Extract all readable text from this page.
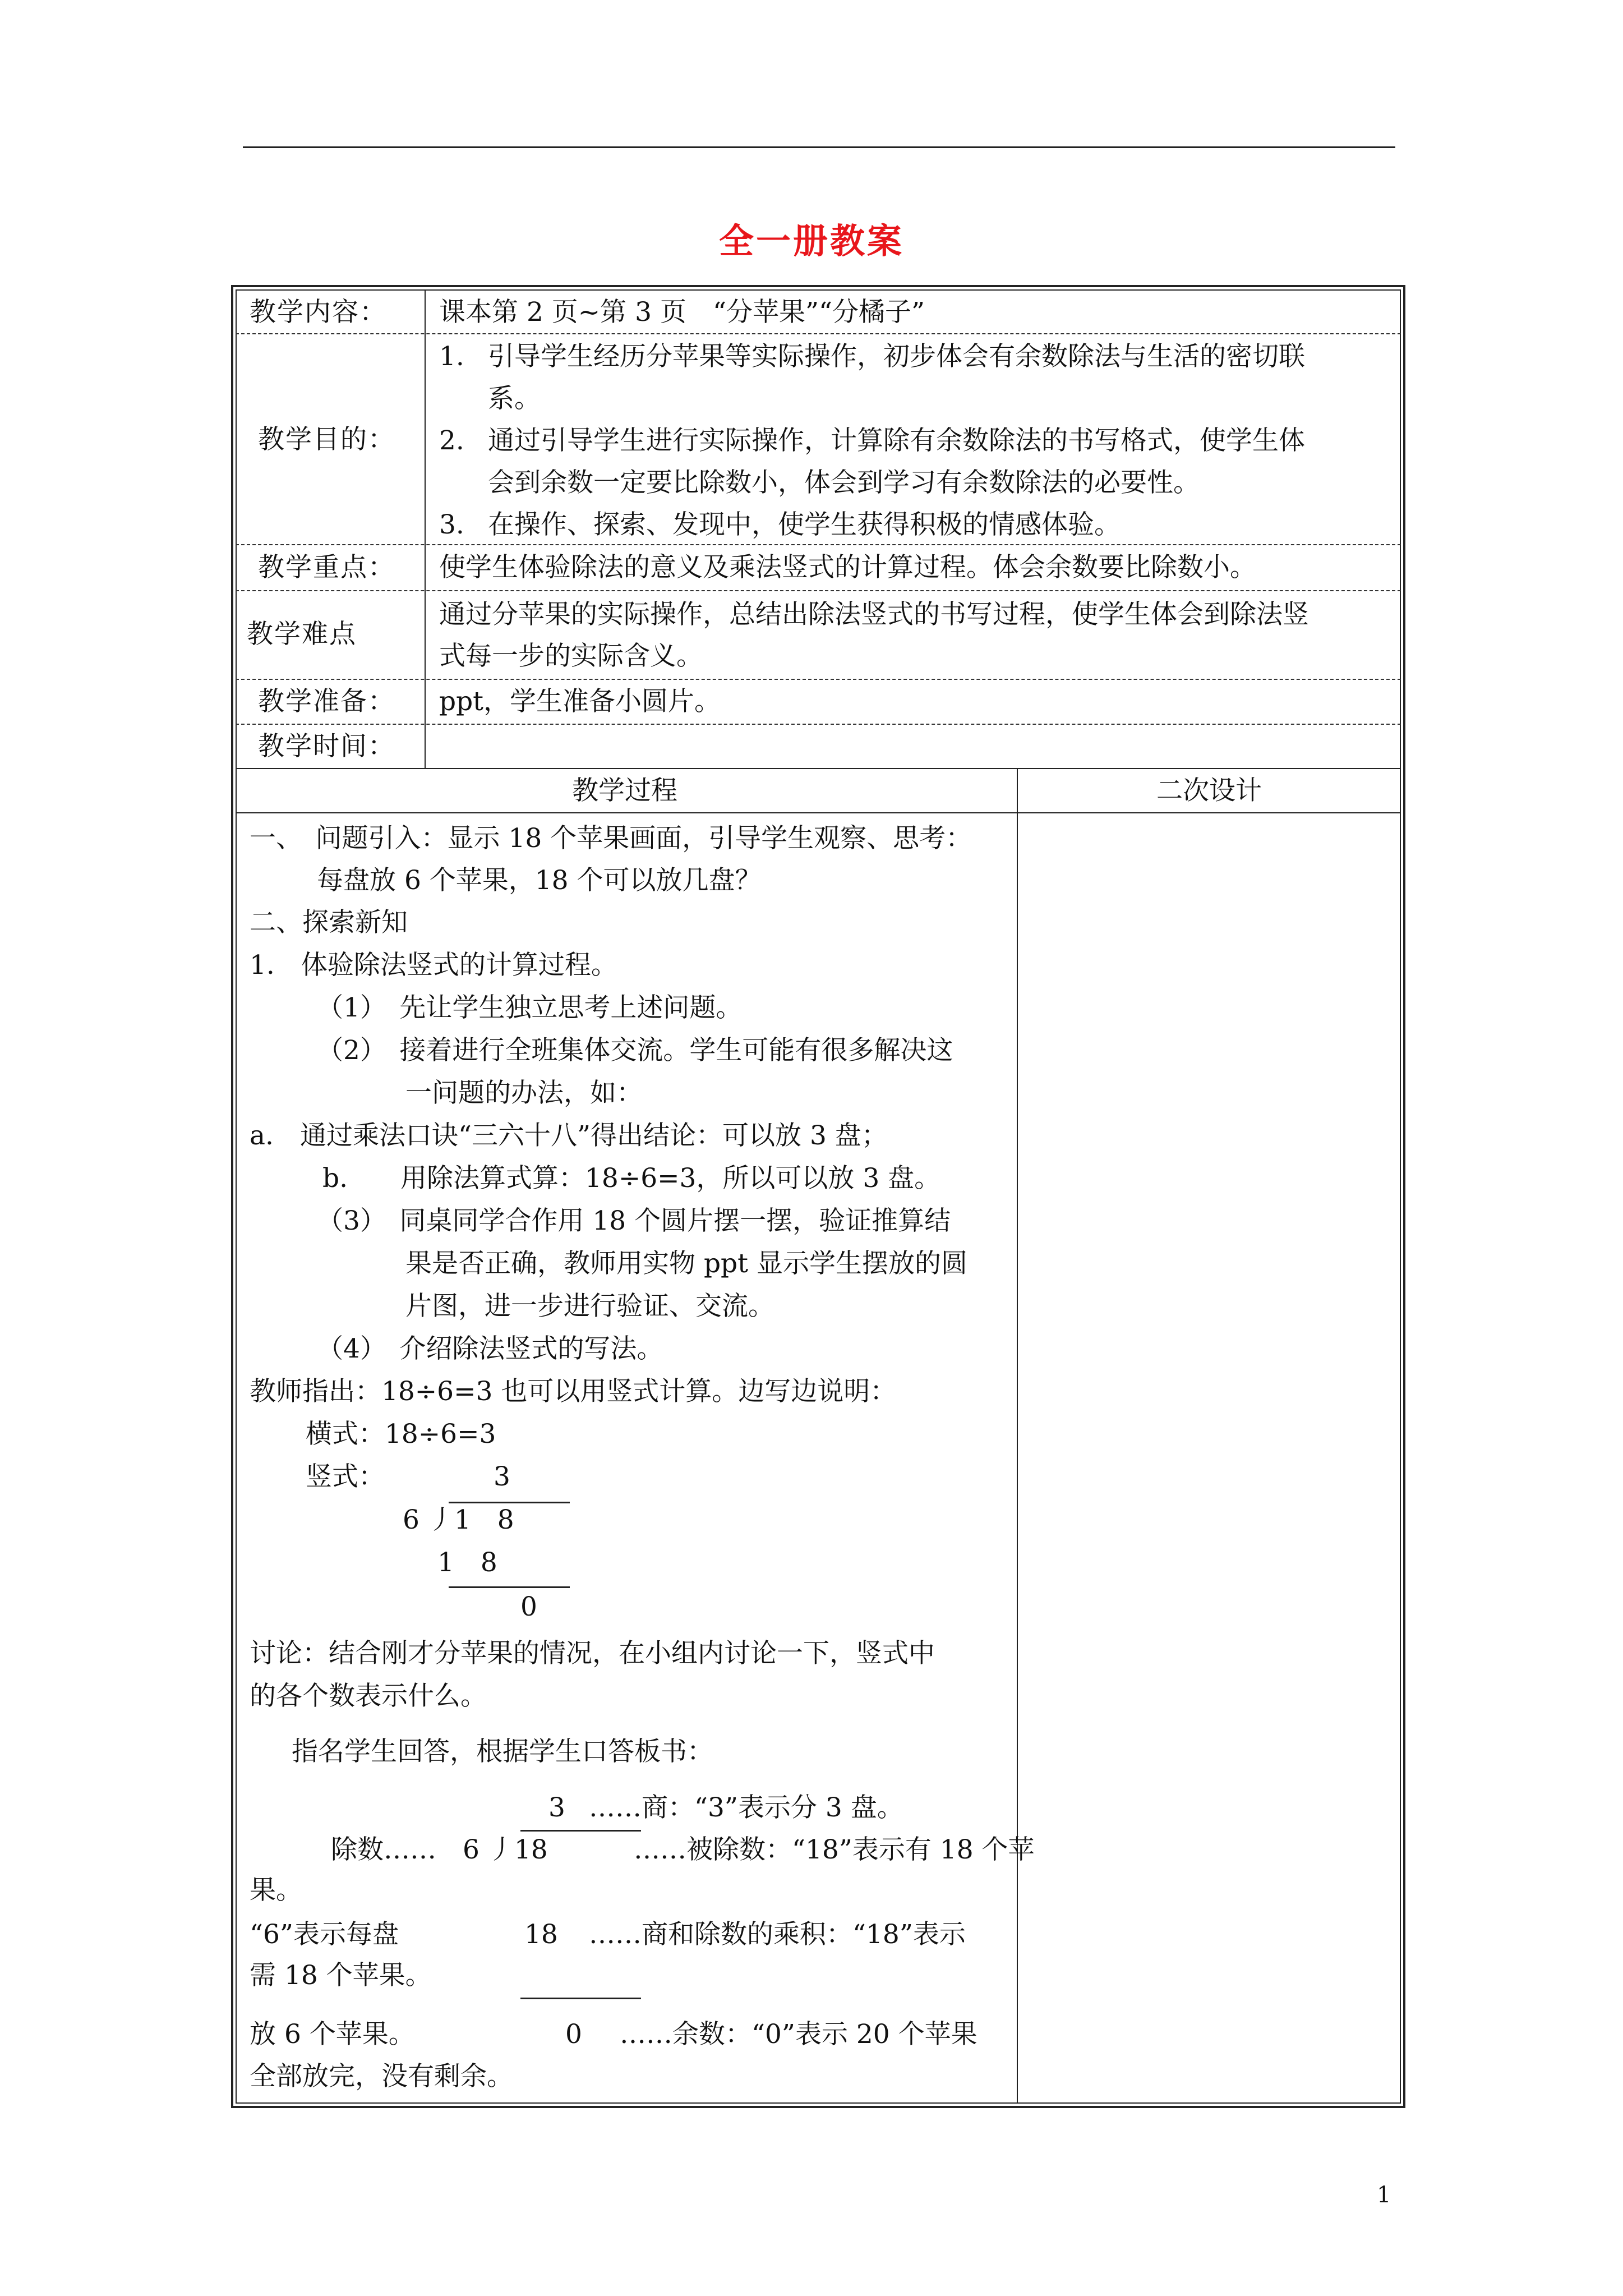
全一册教案
教学内容： 课本第 2 页~第 3 页　“分苹果”“分橘子”
教学目的：
1. 引导学生经历分苹果等实际操作，初步体会有余数除法与生活的密切联
系。
2. 通过引导学生进行实际操作，计算除有余数除法的书写格式，使学生体
会到余数一定要比除数小，体会到学习有余数除法的必要性。
3. 在操作、探索、发现中，使学生获得积极的情感体验。
教学重点： 使学生体验除法的意义及乘法竖式的计算过程。体会余数要比除数小。
教学难点
通过分苹果的实际操作，总结出除法竖式的书写过程，使学生体会到除法竖
式每一步的实际含义。
教学准备： ppt，学生准备小圆片。
教学时间：
教学过程	二次设计
一、　问题引入：显示 18 个苹果画面，引导学生观察、思考：
每盘放 6 个苹果，18 个可以放几盘？
二、探索新知
1.　体验除法竖式的计算过程。
（1）　先让学生独立思考上述问题。
（2）　接着进行全班集体交流。学生可能有很多解决这
一问题的办法，如：
a.　通过乘法口诀“三六十八”得出结论：可以放 3 盘；
b.　　用除法算式算：18÷6=3，所以可以放 3 盘。
（3）　同桌同学合作用 18 个圆片摆一摆，验证推算结
果是否正确，教师用实物 ppt 显示学生摆放的圆
片图，进一步进行验证、交流。
（4）　介绍除法竖式的写法。
教师指出：18÷6=3 也可以用竖式计算。边写边说明：
横式：18÷6=3
竖式：	3
6 丿1　8
1　8
0
讨论：结合刚才分苹果的情况，在小组内讨论一下，竖式中
的各个数表示什么。
指名学生回答，根据学生口答板书：
3 ……商：“3”表示分 3 盘。
除数……　6 丿18	……被除数：“18”表示有 18 个苹
果。
“6”表示每盘	18 ……商和除数的乘积：“18”表示
需 18 个苹果。
放 6 个苹果。	0 ……余数：“0”表示 20 个苹果
全部放完，没有剩余。
1
